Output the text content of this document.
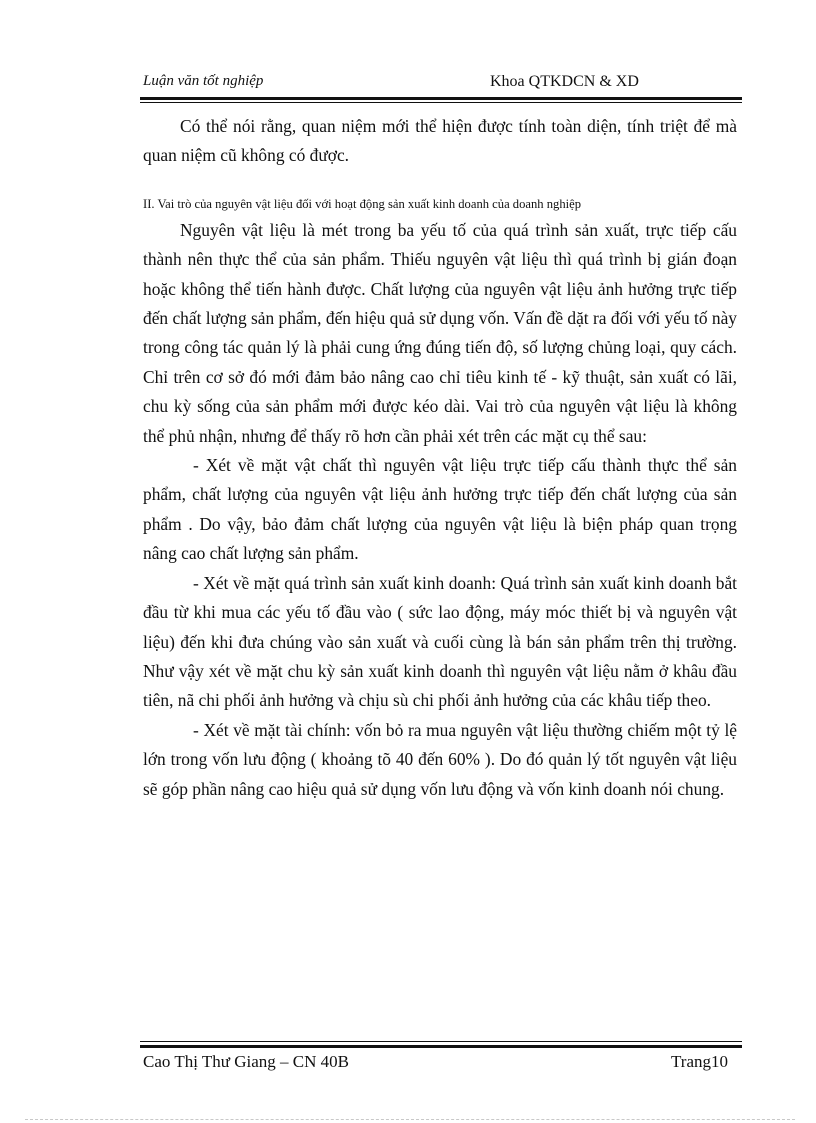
Luận văn tốt nghiệp	Khoa QTKDCN & XD

Có thể nói rằng, quan niệm mới thể hiện được tính toàn diện, tính triệt để mà quan niệm cũ không có được.

II. Vai trò của nguyên vật liệu đối với hoạt động sản xuất kinh doanh của doanh nghiệp

Nguyên vật liệu là mét trong ba yếu tố của quá trình sản xuất, trực tiếp cấu thành nên thực thể của sản phẩm. Thiếu nguyên vật liệu thì quá trình bị gián đoạn hoặc không thể tiến hành được. Chất lượng của nguyên vật liệu ảnh hưởng trực tiếp đến chất lượng sản phẩm, đến hiệu quả sử dụng vốn. Vấn đề dặt ra đối với yếu tố này trong công tác quản lý là phải cung ứng đúng tiến độ, số lượng chủng loại, quy cách. Chỉ trên cơ sở đó mới đảm bảo nâng cao chỉ tiêu kinh tế - kỹ thuật, sản xuất có lãi, chu kỳ sống của sản phẩm mới được kéo dài. Vai trò của nguyên vật liệu là không thể phủ nhận, nhưng để thấy rõ hơn cần phải xét trên các mặt cụ thể sau:

- Xét về mặt vật chất thì nguyên vật liệu trực tiếp cấu thành thực thể sản phẩm, chất lượng của nguyên vật liệu ảnh hưởng trực tiếp đến chất lượng của sản phẩm . Do vậy, bảo đảm chất lượng của nguyên vật liệu là biện pháp quan trọng nâng cao chất lượng sản phẩm.

- Xét về mặt quá trình sản xuất kinh doanh: Quá trình sản xuất kinh doanh bắt đầu từ khi mua các yếu tố đầu vào ( sức lao động, máy móc thiết bị và nguyên vật liệu) đến khi đưa chúng vào sản xuất và cuối cùng là bán sản phẩm trên thị trường. Như vậy xét về mặt chu kỳ sản xuất kinh doanh thì nguyên vật liệu nằm ở khâu đầu tiên, nã chi phối ảnh hưởng và chịu sù chi phối ảnh hưởng của các khâu tiếp theo.

- Xét về mặt tài chính: vốn bỏ ra mua nguyên vật liệu thường chiếm một tỷ lệ lớn trong vốn lưu động ( khoảng tõ 40 đến 60% ). Do đó quản lý tốt nguyên vật liệu sẽ góp phần nâng cao hiệu quả sử dụng vốn lưu động và vốn kinh doanh nói chung.

Cao Thị Thư Giang – CN 40B	Trang10
